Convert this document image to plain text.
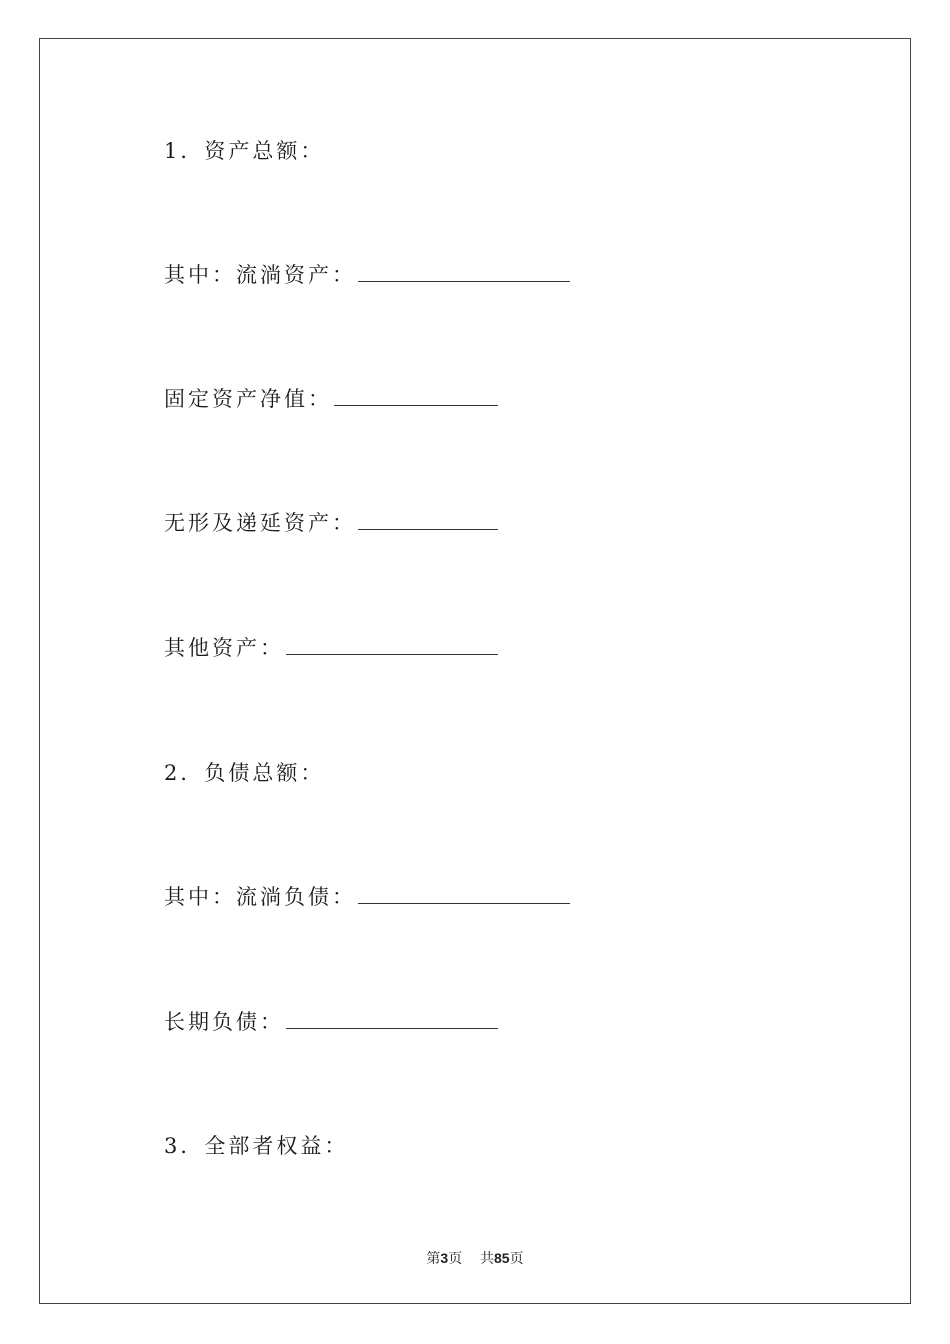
1．资产总额：
其中：流淌资产：
固定资产净值：
无形及递延资产：
其他资产：
2．负债总额：
其中：流淌负债：
长期负债：
3．全部者权益：
第3页 共85页
